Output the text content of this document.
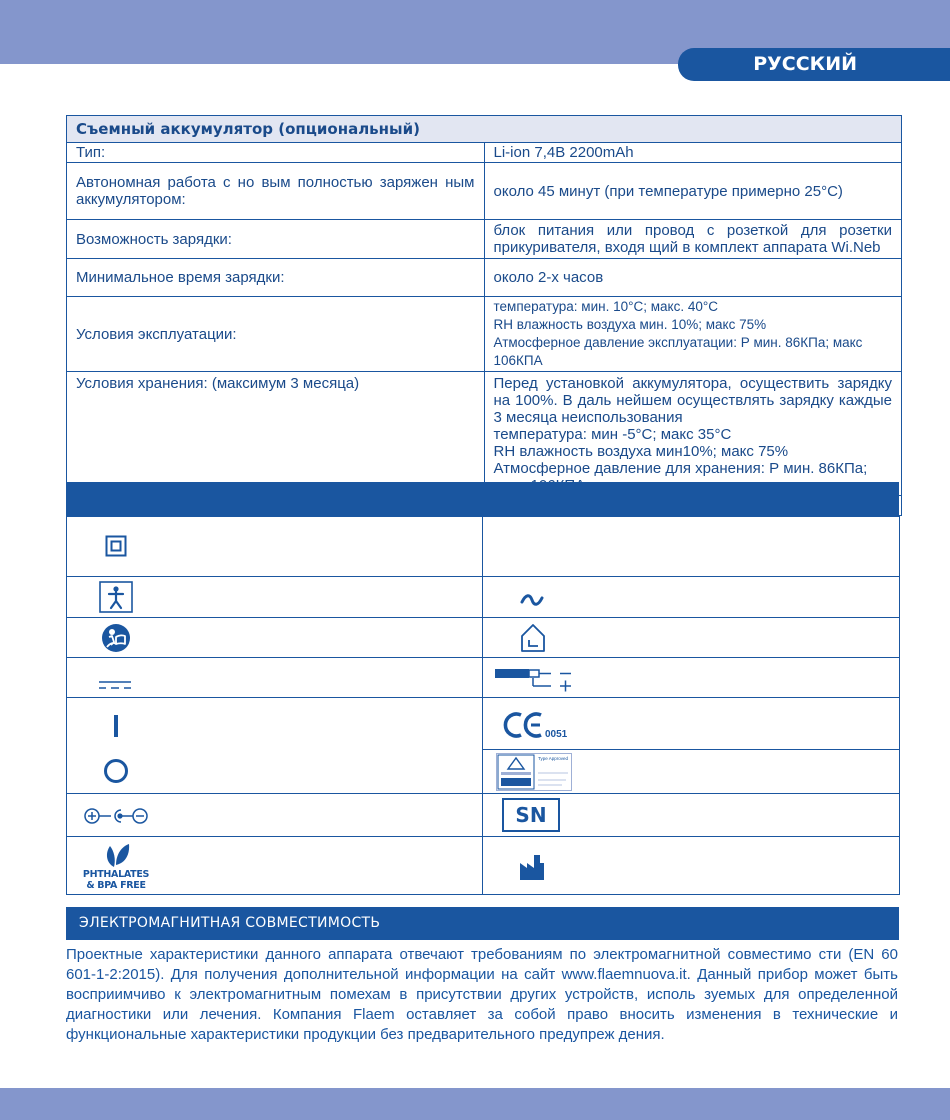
РУССКИЙ
Съемный аккумулятор (опциональный)	
Тип:	Li-ion 7,4В 2200mAh
Автономная работа с но вым полностью заряжен ным аккумулятором:	около 45 минут (при температуре примерно 25°C)
Возможность зарядки:	блок питания или провод с розеткой для розетки прикуривателя, входя щий в комплект аппарата Wi.Neb
Минимальное время зарядки:	около 2-х часов
Условия эксплуатации:	температура: мин. 10°C; макс. 40°C
RH влажность воздуха мин. 10%; макс 75%
Атмосферное давление эксплуатации: Р мин. 86КПа; макс 106КПА

Условия хранения: (максимум 3 месяца)	Перед установкой аккумулятора, осуществить зарядку на 100%. В даль нейшем осуществлять зарядку каждые 3 месяца неиспользования
температура: мин -5°C; макс 35°C
RH влажность воздуха мин10%; макс 75%
Атмосферное давление для хранения: Р мин. 86КПа;

0051

Type Approved

SN

PHTHALATES
& BPA FREE

ЭЛЕКТРОМАГНИТНАЯ СОВМЕСТИМОСТЬ
Проектные характеристики данного аппарата отвечают требованиям по электромагнитной совместимо сти (EN 60 601-1-2:2015). Для получения дополнительной информации на сайт www.flaemnuova.it. Данный прибор может быть восприимчиво к электромагнитным помехам в присутствии других устройств, исполь зуемых для определенной диагностики или лечения. Компания Flaem оставляет за собой право вносить изменения в технические и функциональные характеристики продукции без предварительного предупреж дения.
